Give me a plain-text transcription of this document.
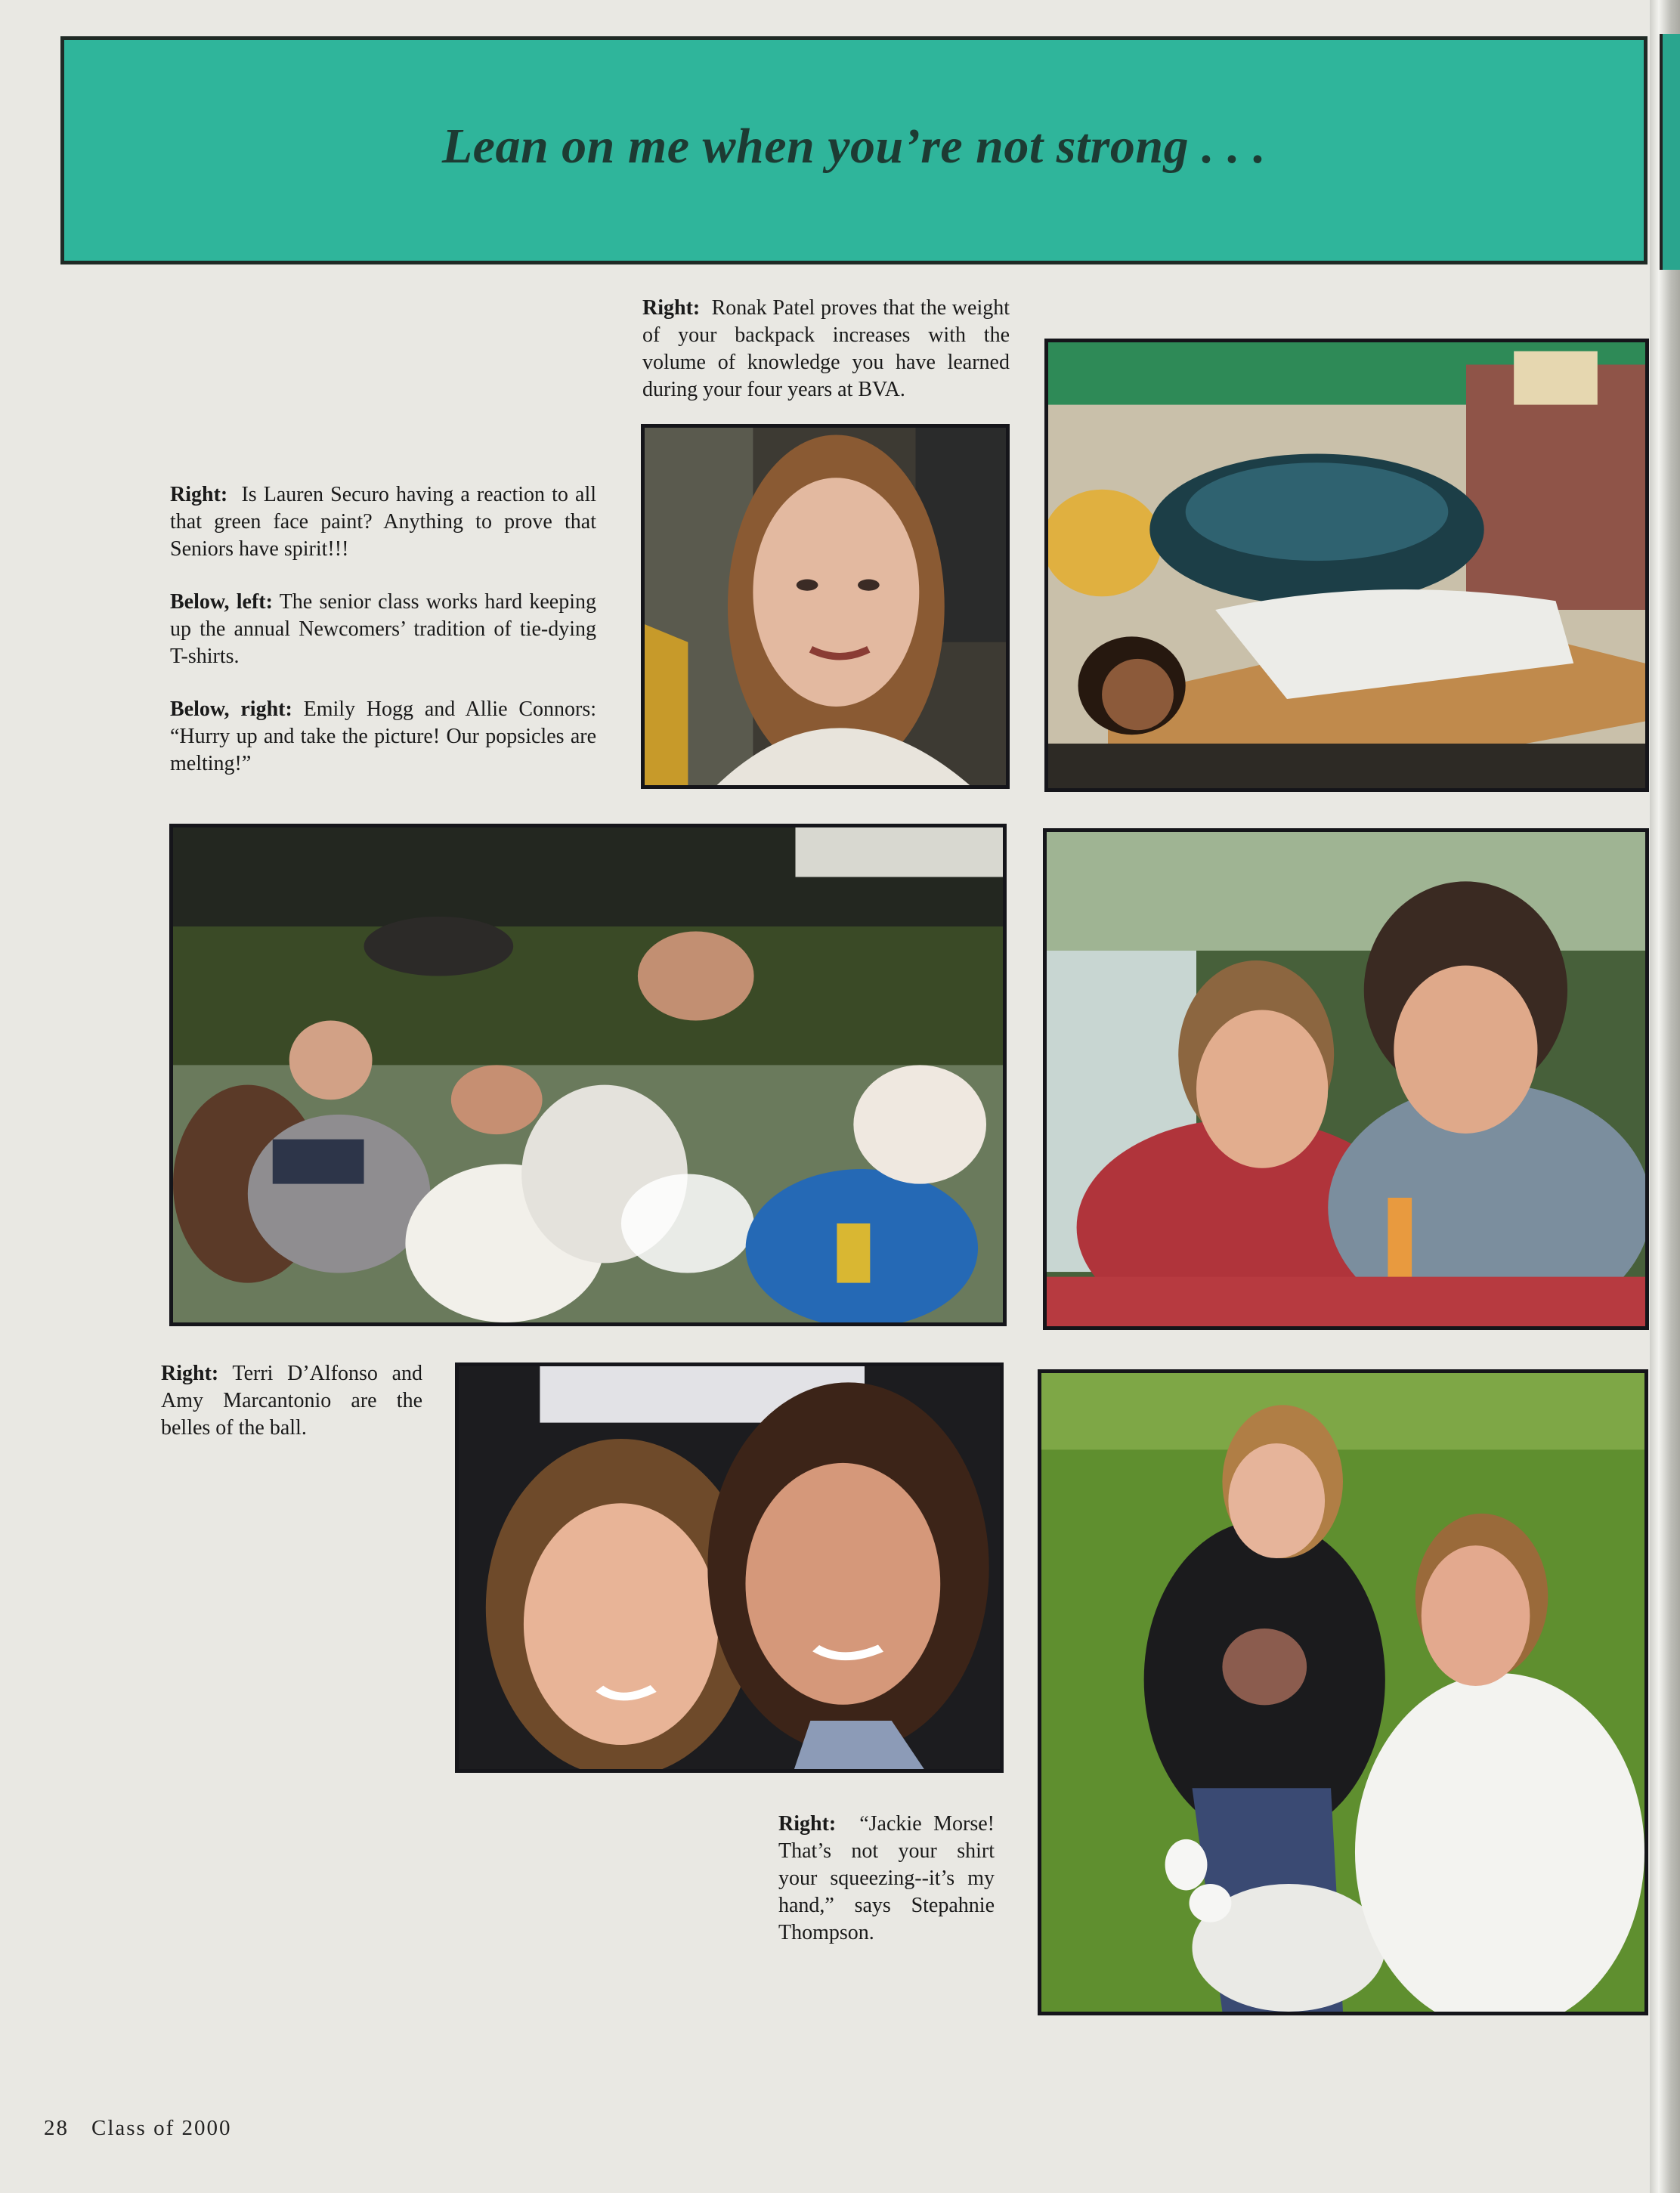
Lean on me when you’re not strong . . .

Right: Ronak Patel proves that the weight of your backpack increases with the volume of knowledge you have learned during your four years at BVA.

Right: Is Lauren Securo having a reaction to all that green face paint? Anything to prove that Seniors have spirit!!!

Below, left: The senior class works hard keeping up the annual Newcomers’ tradition of tie-dying T-shirts.

Below, right: Emily Hogg and Allie Connors: “Hurry up and take the picture! Our popsicles are melting!”

Right: Terri D’Alfonso and Amy Marcantonio are the belles of the ball.

Right: “Jackie Morse! That’s not your shirt your squeezing--it’s my hand,” says Stepahnie Thompson.

28 Class of 2000
